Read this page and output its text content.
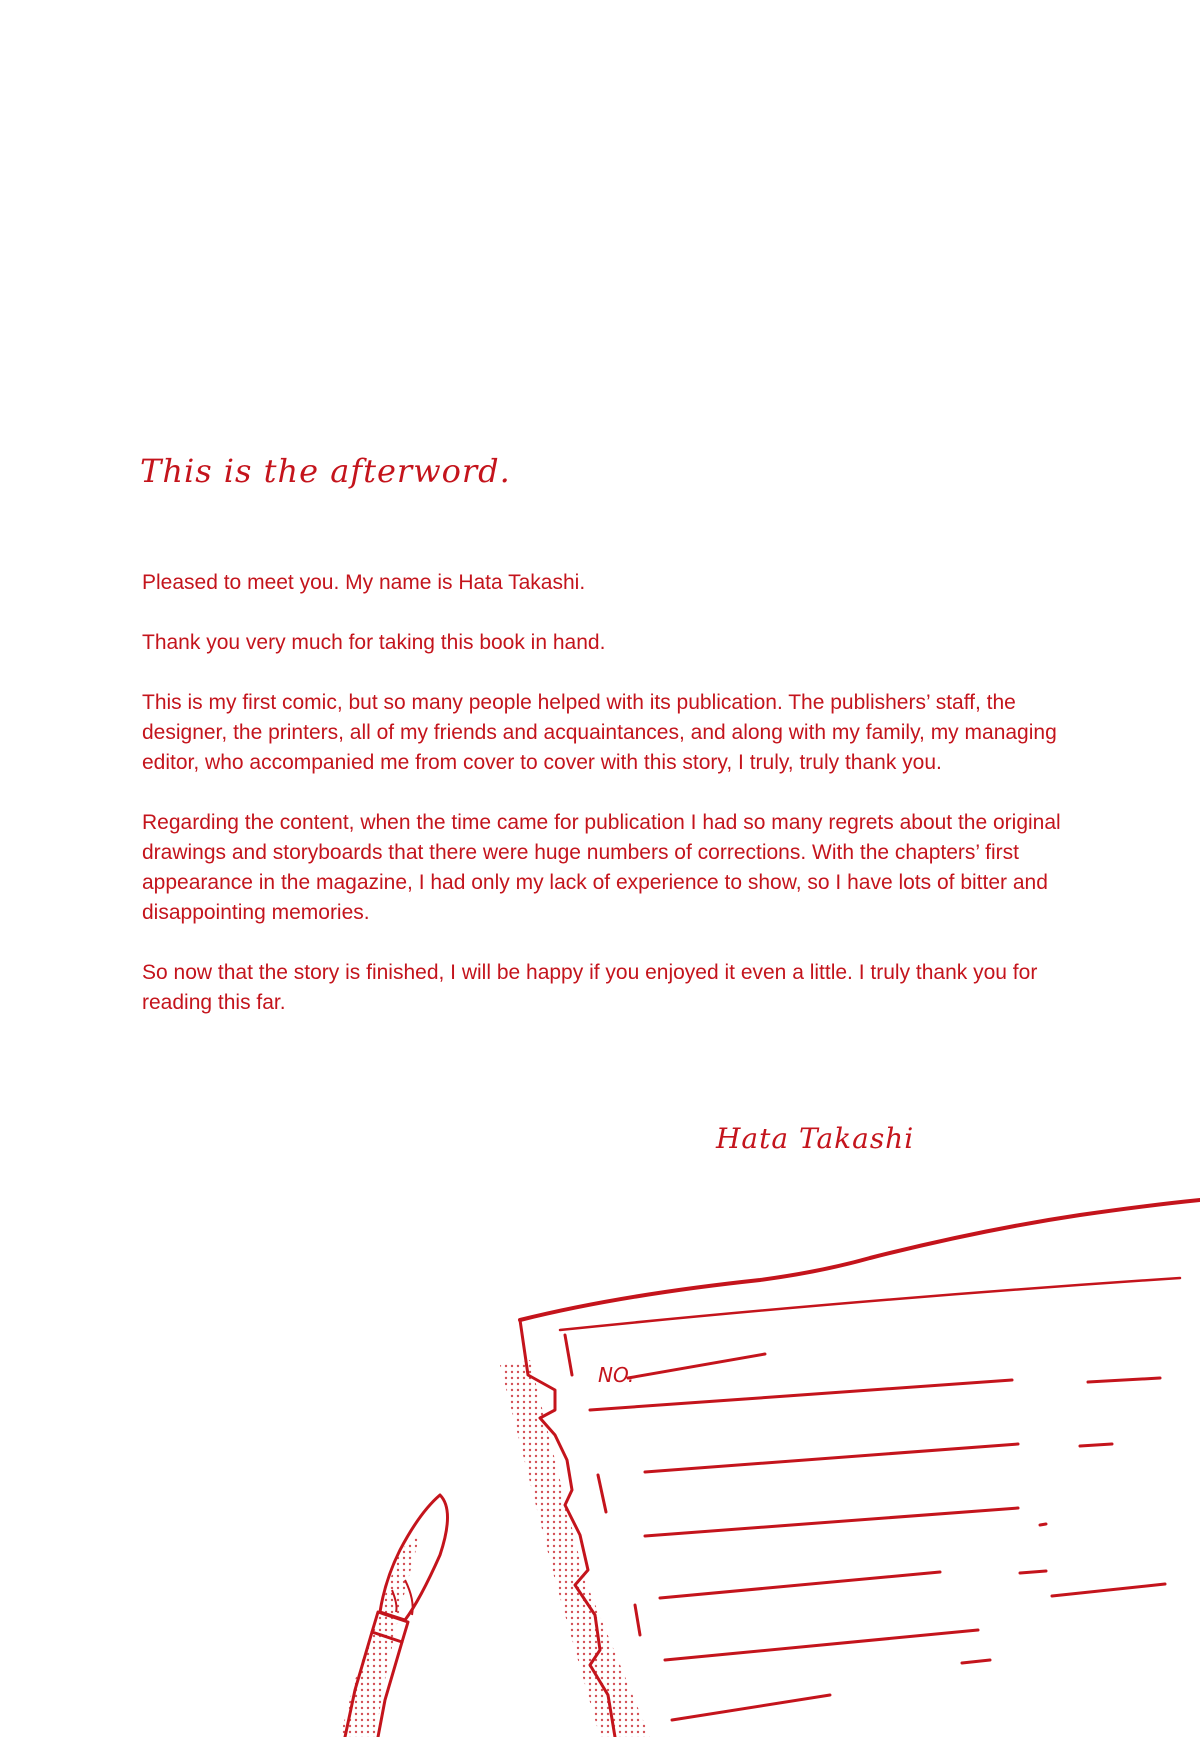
This is the afterword.

Pleased to meet you. My name is Hata Takashi.

Thank you very much for taking this book in hand.

This is my first comic, but so many people helped with its publication. The publishers’ staff, the designer, the printers, all of my friends and acquaintances, and along with my family, my managing editor, who accompanied me from cover to cover with this story, I truly, truly thank you.

Regarding the content, when the time came for publication I had so many regrets about the original drawings and storyboards that there were huge numbers of corrections. With the chapters’ first appearance in the magazine, I had only my lack of experience to show, so I have lots of bitter and disappointing memories.

So now that the story is finished, I will be happy if you enjoyed it even a little. I truly thank you for reading this far.

Hata Takashi
NO.
